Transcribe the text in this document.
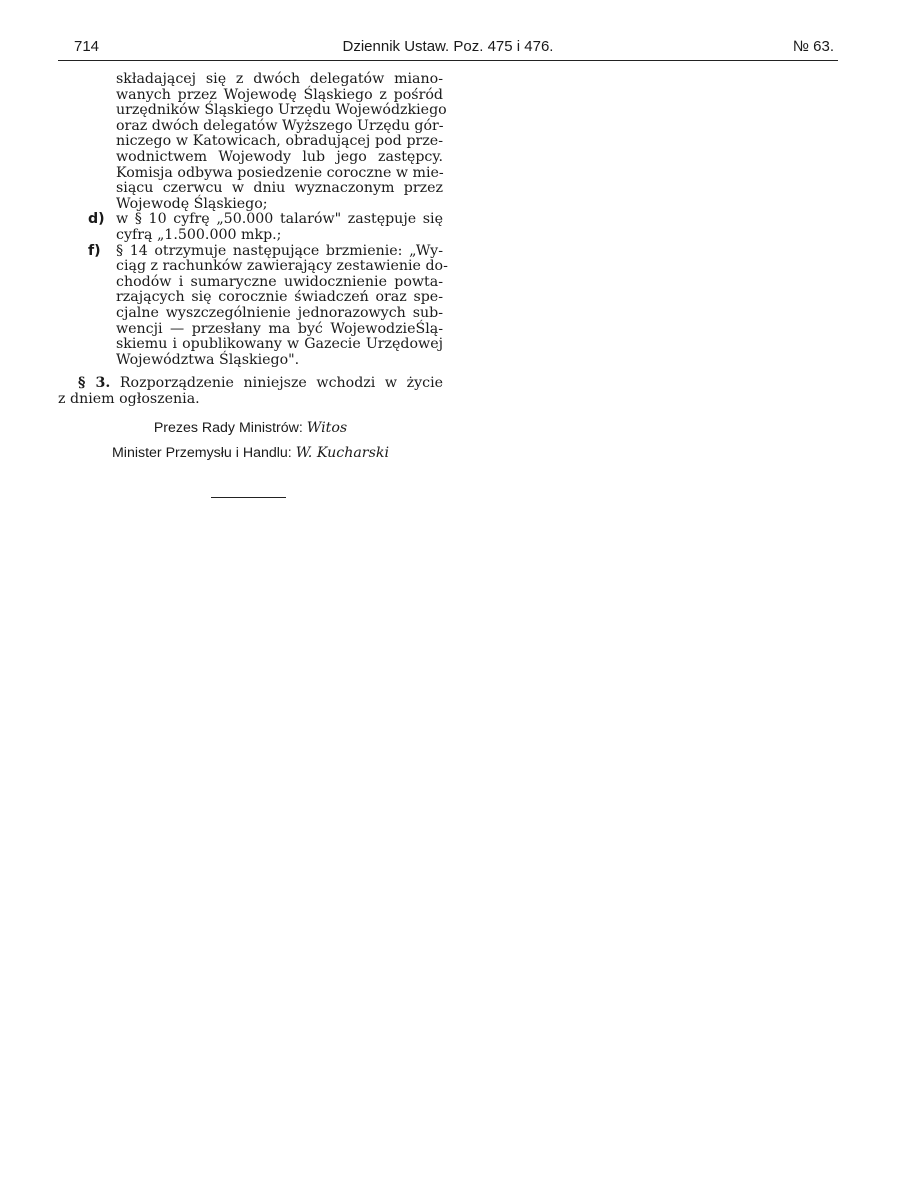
714	Dziennik Ustaw. Poz. 475 i 476.	№ 63.
składającej się z dwóch delegatów miano-
wanych przez Wojewodę Śląskiego z pośród
urzędników Śląskiego Urzędu Wojewódzkiego
oraz dwóch delegatów Wyższego Urzędu gór-
niczego w Katowicach, obradującej pod prze-
wodnictwem Wojewody lub jego zastępcy.
Komisja odbywa posiedzenie coroczne w mie-
siącu czerwcu w dniu wyznaczonym przez
Wojewodę Śląskiego;
d) w § 10 cyfrę „50.000 talarów" zastępuje się
cyfrą „1.500.000 mkp.;
f) § 14 otrzymuje następujące brzmienie: „Wy-
ciąg z rachunków zawierający zestawienie do-
chodów i sumaryczne uwidocznienie powta-
rzających się corocznie świadczeń oraz spe-
cjalne wyszczególnienie jednorazowych sub-
wencji — przesłany ma być WojewodzieŚlą-
skiemu i opublikowany w Gazecie Urzędowej
Województwa Śląskiego".
§ 3. Rozporządzenie niniejsze wchodzi w życie
z dniem ogłoszenia.
Prezes Rady Ministrów: Witos
Minister Przemysłu i Handlu: W. Kucharski
